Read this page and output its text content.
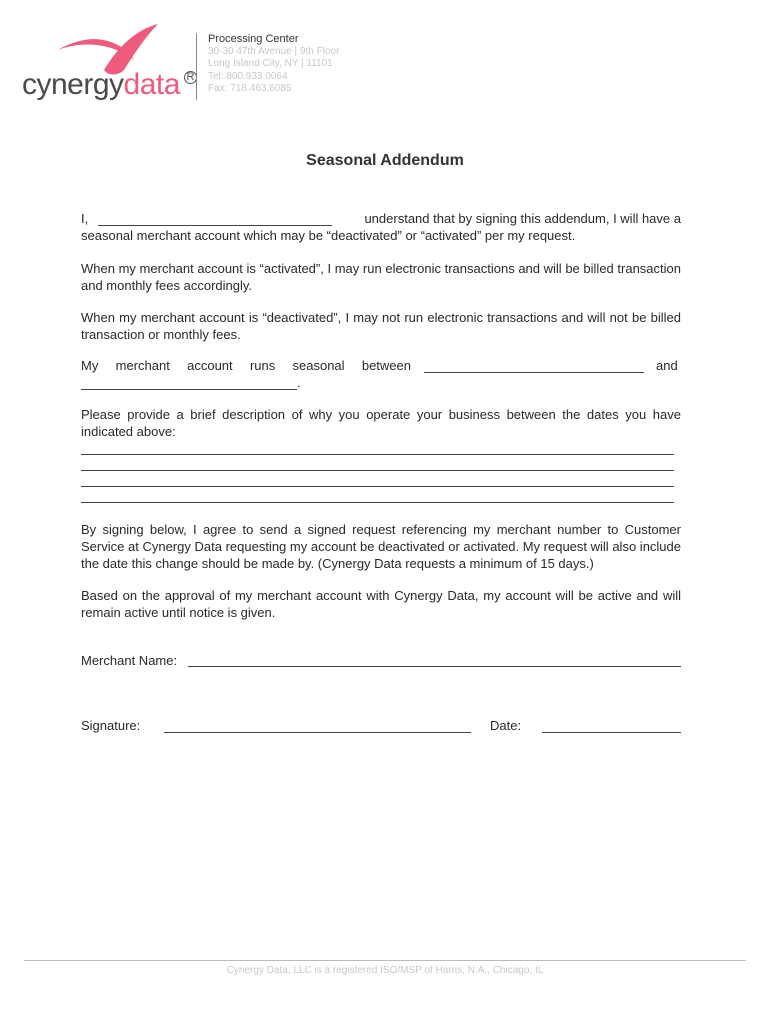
cynergydata R
Processing Center
30-30 47th Avenue | 9th Floor
Long Island City, NY | 11101
Tel: 800.933.0064
Fax: 718.463.6085
Seasonal Addendum
I,	understand that by signing this addendum, I will have a
seasonal merchant account which may be “deactivated” or “activated” per my request.
When my merchant account is “activated”, I may run electronic transactions and will be billed transaction and monthly fees accordingly.
When my merchant account is “deactivated”, I may not run electronic transactions and will not be billed transaction or monthly fees.
My merchant account runs seasonal between	and
.
Please provide a brief description of why you operate your business between the dates you have indicated above:
By signing below, I agree to send a signed request referencing my merchant number to Customer Service at Cynergy Data requesting my account be deactivated or activated. My request will also include the date this change should be made by. (Cynergy Data requests a minimum of 15 days.)
Based on the approval of my merchant account with Cynergy Data, my account will be active and will remain active until notice is given.
Merchant Name:
Signature:	Date:
Cynergy Data, LLC is a registered ISO/MSP of Harris, N.A., Chicago, IL
